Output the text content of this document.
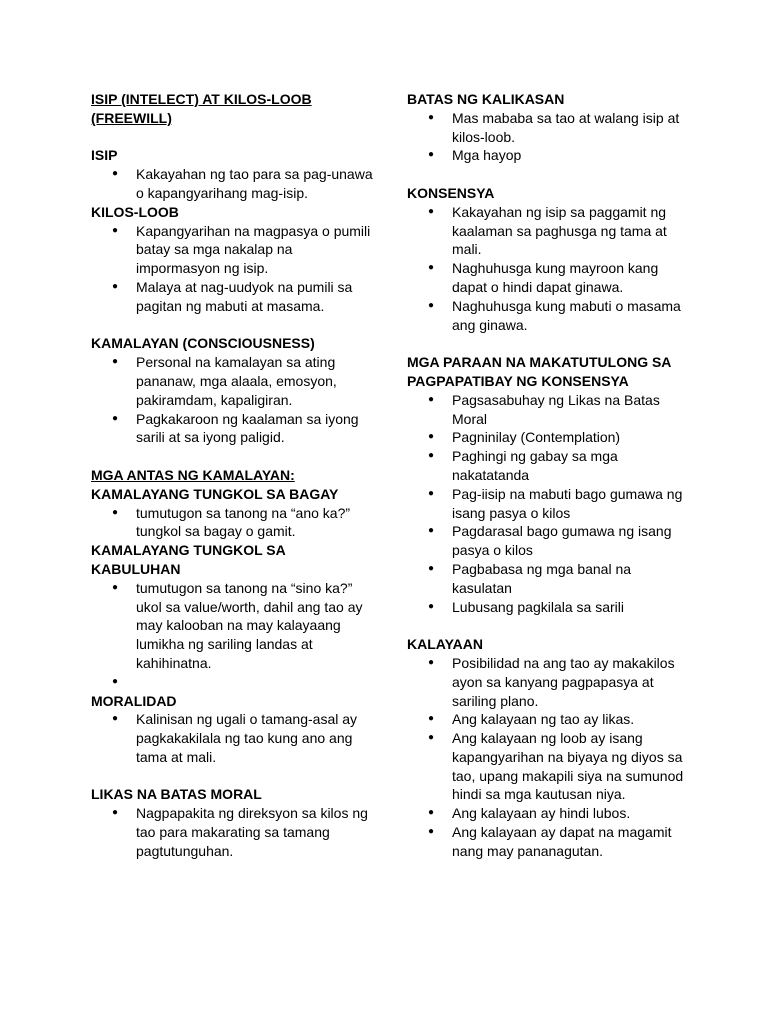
ISIP (INTELECT) AT KILOS-LOOB (FREEWILL)
ISIP
● Kakayahan ng tao para sa pag-unawa o kapangyarihang mag-isip.
KILOS-LOOB
● Kapangyarihan na magpasya o pumili batay sa mga nakalap na impormasyon ng isip.
● Malaya at nag-uudyok na pumili sa pagitan ng mabuti at masama.
KAMALAYAN (CONSCIOUSNESS)
● Personal na kamalayan sa ating pananaw, mga alaala, emosyon, pakiramdam, kapaligiran.
● Pagkakaroon ng kaalaman sa iyong sarili at sa iyong paligid.
MGA ANTAS NG KAMALAYAN:
KAMALAYANG TUNGKOL SA BAGAY
● tumutugon sa tanong na “ano ka?” tungkol sa bagay o gamit.
KAMALAYANG TUNGKOL SA KABULUHAN
● tumutugon sa tanong na “sino ka?” ukol sa value/worth, dahil ang tao ay may kalooban na may kalayaang lumikha ng sariling landas at kahihinatna.
●
MORALIDAD
● Kalinisan ng ugali o tamang-asal ay pagkakakilala ng tao kung ano ang tama at mali.
LIKAS NA BATAS MORAL
● Nagpapakita ng direksyon sa kilos ng tao para makarating sa tamang pagtutunguhan.
BATAS NG KALIKASAN
● Mas mababa sa tao at walang isip at kilos-loob.
● Mga hayop
KONSENSYA
● Kakayahan ng isip sa paggamit ng kaalaman sa paghusga ng tama at mali.
● Naghuhusga kung mayroon kang dapat o hindi dapat ginawa.
● Naghuhusga kung mabuti o masama ang ginawa.
MGA PARAAN NA MAKATUTULONG SA PAGPAPATIBAY NG KONSENSYA
● Pagsasabuhay ng Likas na Batas Moral
● Pagninilay (Contemplation)
● Paghingi ng gabay sa mga nakatatanda
● Pag-iisip na mabuti bago gumawa ng isang pasya o kilos
● Pagdarasal bago gumawa ng isang pasya o kilos
● Pagbabasa ng mga banal na kasulatan
● Lubusang pagkilala sa sarili
KALAYAAN
● Posibilidad na ang tao ay makakilos ayon sa kanyang pagpapasya at sariling plano.
● Ang kalayaan ng tao ay likas.
● Ang kalayaan ng loob ay isang kapangyarihan na biyaya ng diyos sa tao, upang makapili siya na sumunod hindi sa mga kautusan niya.
● Ang kalayaan ay hindi lubos.
● Ang kalayaan ay dapat na magamit nang may pananagutan.
